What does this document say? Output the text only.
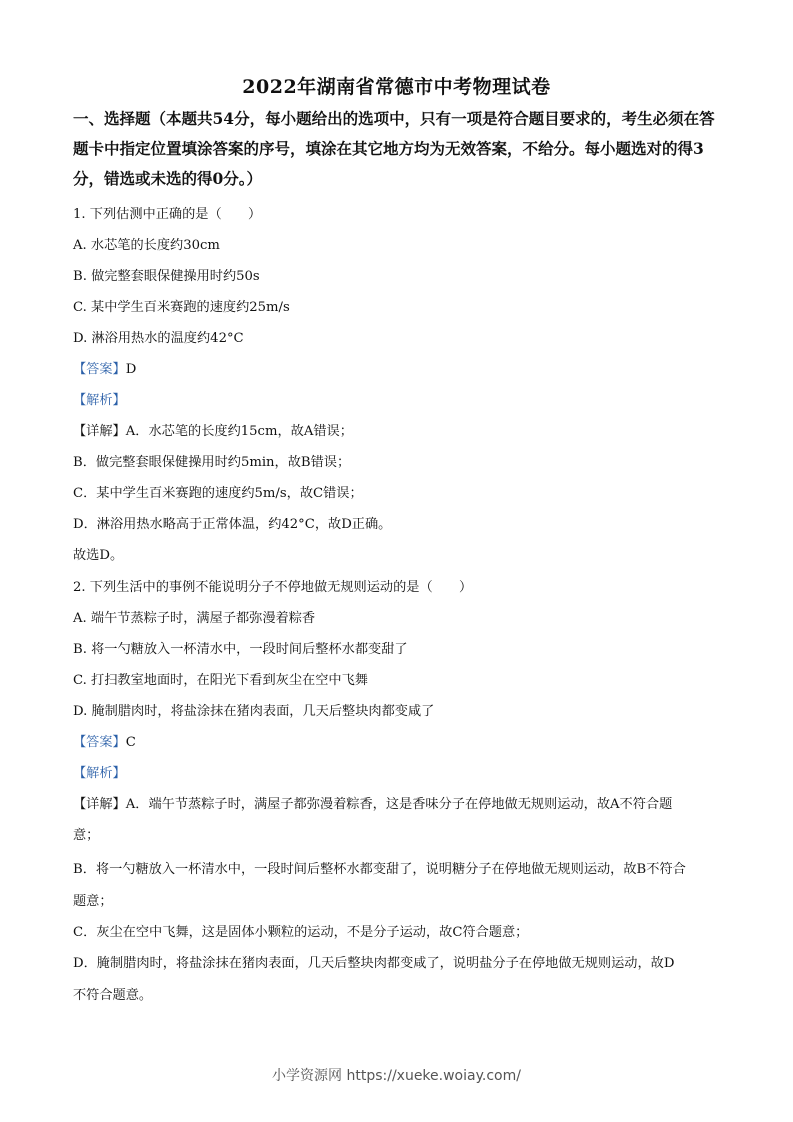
2022年湖南省常德市中考物理试卷
一、选择题（本题共54分，每小题给出的选项中，只有一项是符合题目要求的，考生必须在答题卡中指定位置填涂答案的序号，填涂在其它地方均为无效答案，不给分。每小题选对的得3分，错选或未选的得0分。）
1. 下列估测中正确的是（　　）
A. 水芯笔的长度约30cm
B. 做完整套眼保健操用时约50s
C. 某中学生百米赛跑的速度约25m/s
D. 淋浴用热水的温度约42°C
【答案】D
【解析】
【详解】A．水芯笔的长度约15cm，故A错误；
B．做完整套眼保健操用时约5min，故B错误；
C．某中学生百米赛跑的速度约5m/s，故C错误；
D．淋浴用热水略高于正常体温，约42°C，故D正确。
故选D。
2. 下列生活中的事例不能说明分子不停地做无规则运动的是（　　）
A. 端午节蒸粽子时，满屋子都弥漫着粽香
B. 将一勺糖放入一杯清水中，一段时间后整杯水都变甜了
C. 打扫教室地面时，在阳光下看到灰尘在空中飞舞
D. 腌制腊肉时，将盐涂抹在猪肉表面，几天后整块肉都变咸了
【答案】C
【解析】
【详解】A．端午节蒸粽子时，满屋子都弥漫着粽香，这是香味分子在停地做无规则运动，故A不符合题
意；
B．将一勺糖放入一杯清水中，一段时间后整杯水都变甜了，说明糖分子在停地做无规则运动，故B不符合
题意；
C．灰尘在空中飞舞，这是固体小颗粒的运动，不是分子运动，故C符合题意；
D．腌制腊肉时，将盐涂抹在猪肉表面，几天后整块肉都变咸了，说明盐分子在停地做无规则运动，故D
不符合题意。
小学资源网 https://xueke.woiay.com/
